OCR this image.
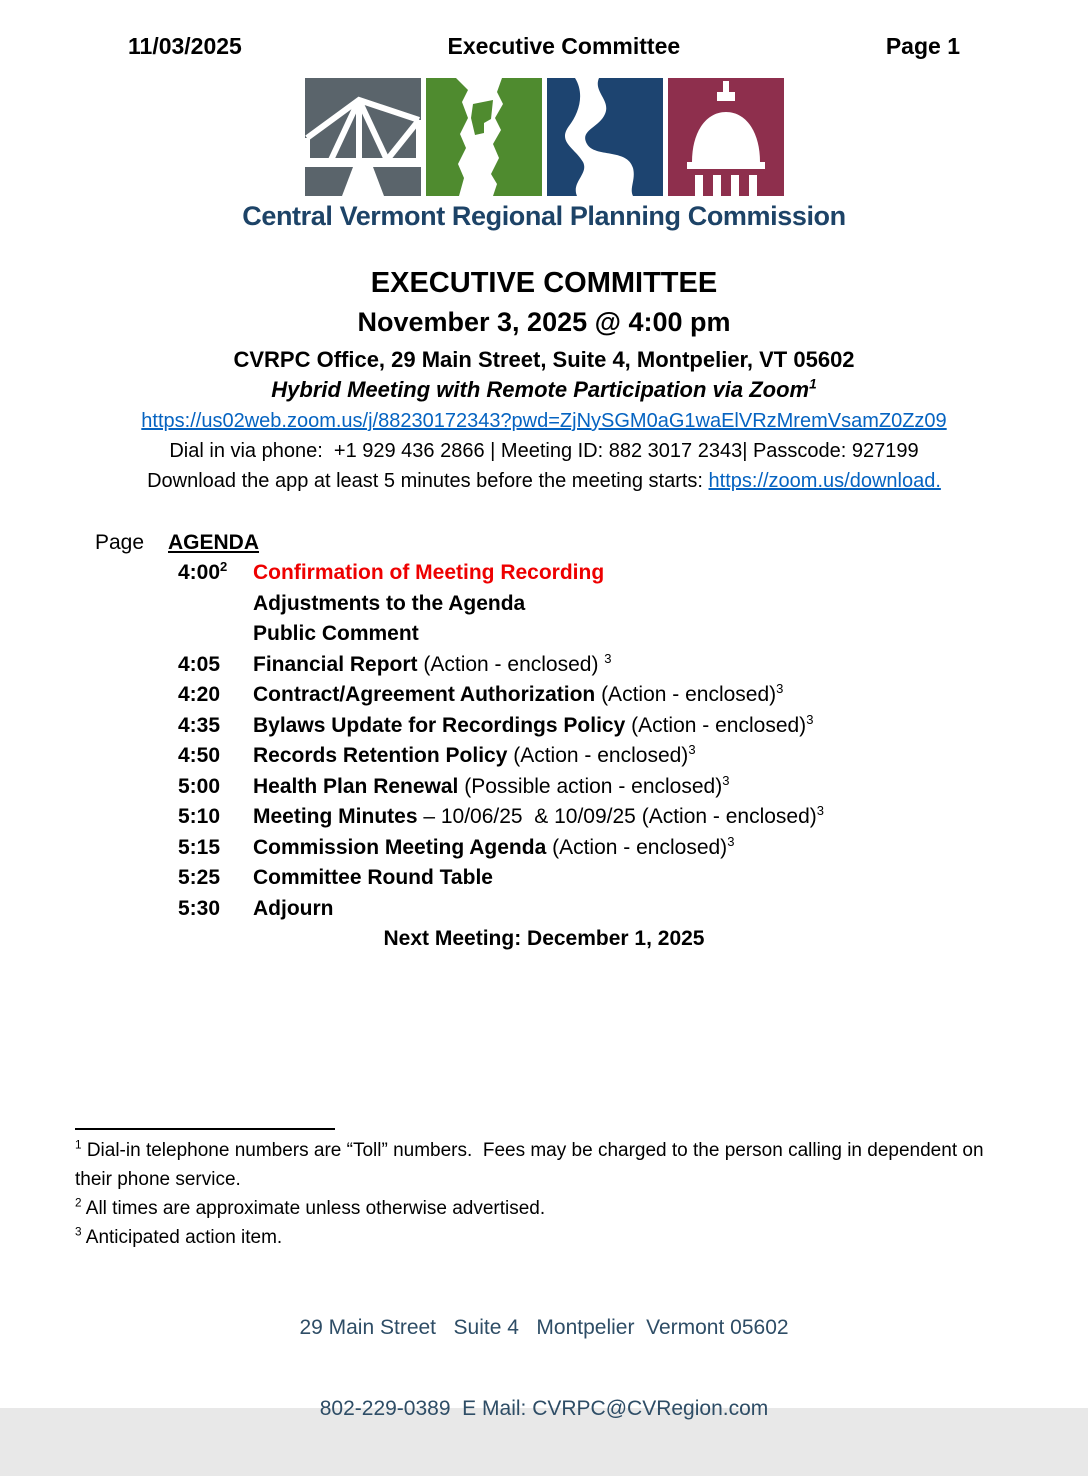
11/03/2025	Executive Committee	Page 1
Central Vermont Regional Planning Commission
EXECUTIVE COMMITTEE
November 3, 2025 @ 4:00 pm
CVRPC Office, 29 Main Street, Suite 4, Montpelier, VT 05602
Hybrid Meeting with Remote Participation via Zoom$^1$
https://us02web.zoom.us/j/88230172343?pwd=ZjNySGM0aG1waElVRzMremVsamZ0Zz09
Dial in via phone:  +1 929 436 2866 | Meeting ID: 882 3017 2343| Passcode: 927199
Download the app at least 5 minutes before the meeting starts: https://zoom.us/download.
Page	AGENDA
$4:00^2$	Confirmation of Meeting Recording
Adjustments to the Agenda
Public Comment
4:05	Financial Report (Action - enclosed) $^3$
4:20	Contract/Agreement Authorization (Action - enclosed)$^3$
4:35	Bylaws Update for Recordings Policy (Action - enclosed)$^3$
4:50	Records Retention Policy (Action - enclosed)$^3$
5:00	Health Plan Renewal (Possible action - enclosed)$^3$
5:10	Meeting Minutes – 10/06/25  & 10/09/25 (Action - enclosed)$^3$
5:15	Commission Meeting Agenda (Action - enclosed)$^3$
5:25	Committee Round Table
5:30	Adjourn
Next Meeting: December 1, 2025
$^1$ Dial-in telephone numbers are “Toll” numbers.  Fees may be charged to the person calling in dependent on their phone service.
$^2$ All times are approximate unless otherwise advertised.
$^3$ Anticipated action item.

29 Main Street   Suite 4   Montpelier  Vermont 05602

802-229-0389  E Mail: CVRPC@CVRegion.com
